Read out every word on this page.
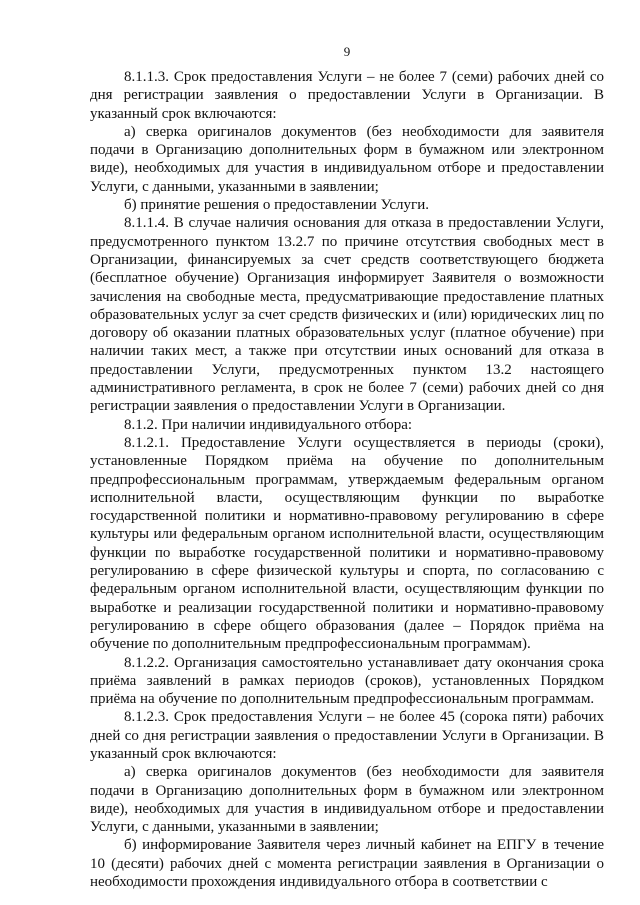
9

8.1.1.3. Срок предоставления Услуги – не более 7 (семи) рабочих дней со дня регистрации заявления о предоставлении Услуги в Организации. В указанный срок включаются:

а) сверка оригиналов документов (без необходимости для заявителя подачи в Организацию дополнительных форм в бумажном или электронном виде), необходимых для участия в индивидуальном отборе и предоставлении Услуги, с данными, указанными в заявлении;

б) принятие решения о предоставлении Услуги.

8.1.1.4. В случае наличия основания для отказа в предоставлении Услуги, предусмотренного пунктом 13.2.7 по причине отсутствия свободных мест в Организации, финансируемых за счет средств соответствующего бюджета (бесплатное обучение) Организация информирует Заявителя о возможности зачисления на свободные места, предусматривающие предоставление платных образовательных услуг за счет средств физических и (или) юридических лиц по договору об оказании платных образовательных услуг (платное обучение) при наличии таких мест, а также при отсутствии иных оснований для отказа в предоставлении Услуги, предусмотренных пунктом 13.2 настоящего административного регламента, в срок не более 7 (семи) рабочих дней со дня регистрации заявления о предоставлении Услуги в Организации.

8.1.2. При наличии индивидуального отбора:

8.1.2.1. Предоставление Услуги осуществляется в периоды (сроки), установленные Порядком приёма на обучение по дополнительным предпрофессиональным программам, утверждаемым федеральным органом исполнительной власти, осуществляющим функции по выработке государственной политики и нормативно-правовому регулированию в сфере культуры или федеральным органом исполнительной власти, осуществляющим функции по выработке государственной политики и нормативно-правовому регулированию в сфере физической культуры и спорта, по согласованию с федеральным органом исполнительной власти, осуществляющим функции по выработке и реализации государственной политики и нормативно-правовому регулированию в сфере общего образования (далее – Порядок приёма на обучение по дополнительным предпрофессиональным программам).

8.1.2.2. Организация самостоятельно устанавливает дату окончания срока приёма заявлений в рамках периодов (сроков), установленных Порядком приёма на обучение по дополнительным предпрофессиональным программам.

8.1.2.3. Срок предоставления Услуги – не более 45 (сорока пяти) рабочих дней со дня регистрации заявления о предоставлении Услуги в Организации. В указанный срок включаются:

а) сверка оригиналов документов (без необходимости для заявителя подачи в Организацию дополнительных форм в бумажном или электронном виде), необходимых для участия в индивидуальном отборе и предоставлении Услуги, с данными, указанными в заявлении;

б) информирование Заявителя через личный кабинет на ЕПГУ в течение 10 (десяти) рабочих дней с момента регистрации заявления в Организации о необходимости прохождения индивидуального отбора в соответствии с
